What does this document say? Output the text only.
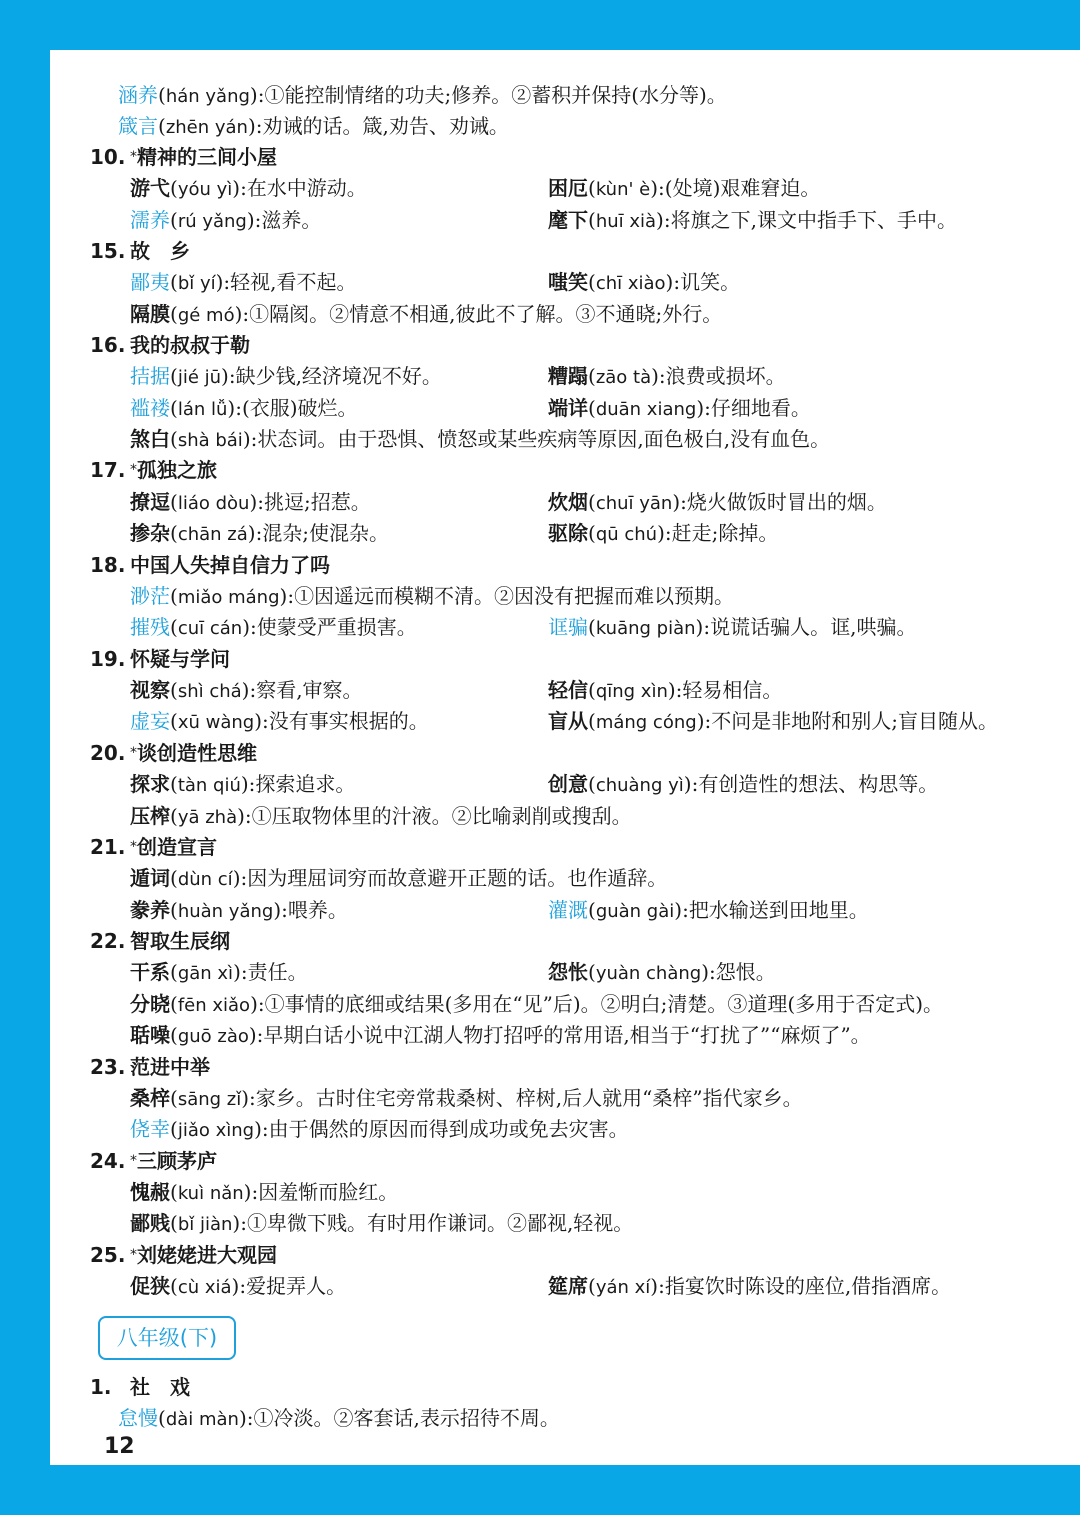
涵养(hán yǎng):①能控制情绪的功夫;修养。②蓄积并保持(水分等)。
箴言(zhēn yán):劝诫的话。箴,劝告、劝诫。
10. *精神的三间小屋
游弋(yóu yì):在水中游动。	困厄(kùn' è):(处境)艰难窘迫。
濡养(rú yǎng):滋养。	麾下(huī xià):将旗之下,课文中指手下、手中。
15. 故　乡
鄙夷(bǐ yí):轻视,看不起。	嗤笑(chī xiào):讥笑。
隔膜(gé mó):①隔阂。②情意不相通,彼此不了解。③不通晓;外行。
16. 我的叔叔于勒
拮据(jié jū):缺少钱,经济境况不好。	糟蹋(zāo tà):浪费或损坏。
褴褛(lán lǚ):(衣服)破烂。	端详(duān xiang):仔细地看。
煞白(shà bái):状态词。由于恐惧、愤怒或某些疾病等原因,面色极白,没有血色。
17. *孤独之旅
撩逗(liáo dòu):挑逗;招惹。	炊烟(chuī yān):烧火做饭时冒出的烟。
掺杂(chān zá):混杂;使混杂。	驱除(qū chú):赶走;除掉。
18. 中国人失掉自信力了吗
渺茫(miǎo máng):①因遥远而模糊不清。②因没有把握而难以预期。
摧残(cuī cán):使蒙受严重损害。	诓骗(kuāng piàn):说谎话骗人。诓,哄骗。
19. 怀疑与学问
视察(shì chá):察看,审察。	轻信(qīng xìn):轻易相信。
虚妄(xū wàng):没有事实根据的。	盲从(máng cóng):不问是非地附和别人;盲目随从。
20. *谈创造性思维
探求(tàn qiú):探索追求。	创意(chuàng yì):有创造性的想法、构思等。
压榨(yā zhà):①压取物体里的汁液。②比喻剥削或搜刮。
21. *创造宣言
遁词(dùn cí):因为理屈词穷而故意避开正题的话。也作遁辞。
豢养(huàn yǎng):喂养。	灌溉(guàn gài):把水输送到田地里。
22. 智取生辰纲
干系(gān xì):责任。	怨怅(yuàn chàng):怨恨。
分晓(fēn xiǎo):①事情的底细或结果(多用在“见”后)。②明白;清楚。③道理(多用于否定式)。
聒噪(guō zào):早期白话小说中江湖人物打招呼的常用语,相当于“打扰了”“麻烦了”。
23. 范进中举
桑梓(sāng zǐ):家乡。古时住宅旁常栽桑树、梓树,后人就用“桑梓”指代家乡。
侥幸(jiǎo xìng):由于偶然的原因而得到成功或免去灾害。
24. *三顾茅庐
愧赧(kuì nǎn):因羞惭而脸红。
鄙贱(bǐ jiàn):①卑微下贱。有时用作谦词。②鄙视,轻视。
25. *刘姥姥进大观园
促狭(cù xiá):爱捉弄人。	筵席(yán xí):指宴饮时陈设的座位,借指酒席。
1. 社　戏
怠慢(dài màn):①冷淡。②客套话,表示招待不周。
八年级(下)
12
